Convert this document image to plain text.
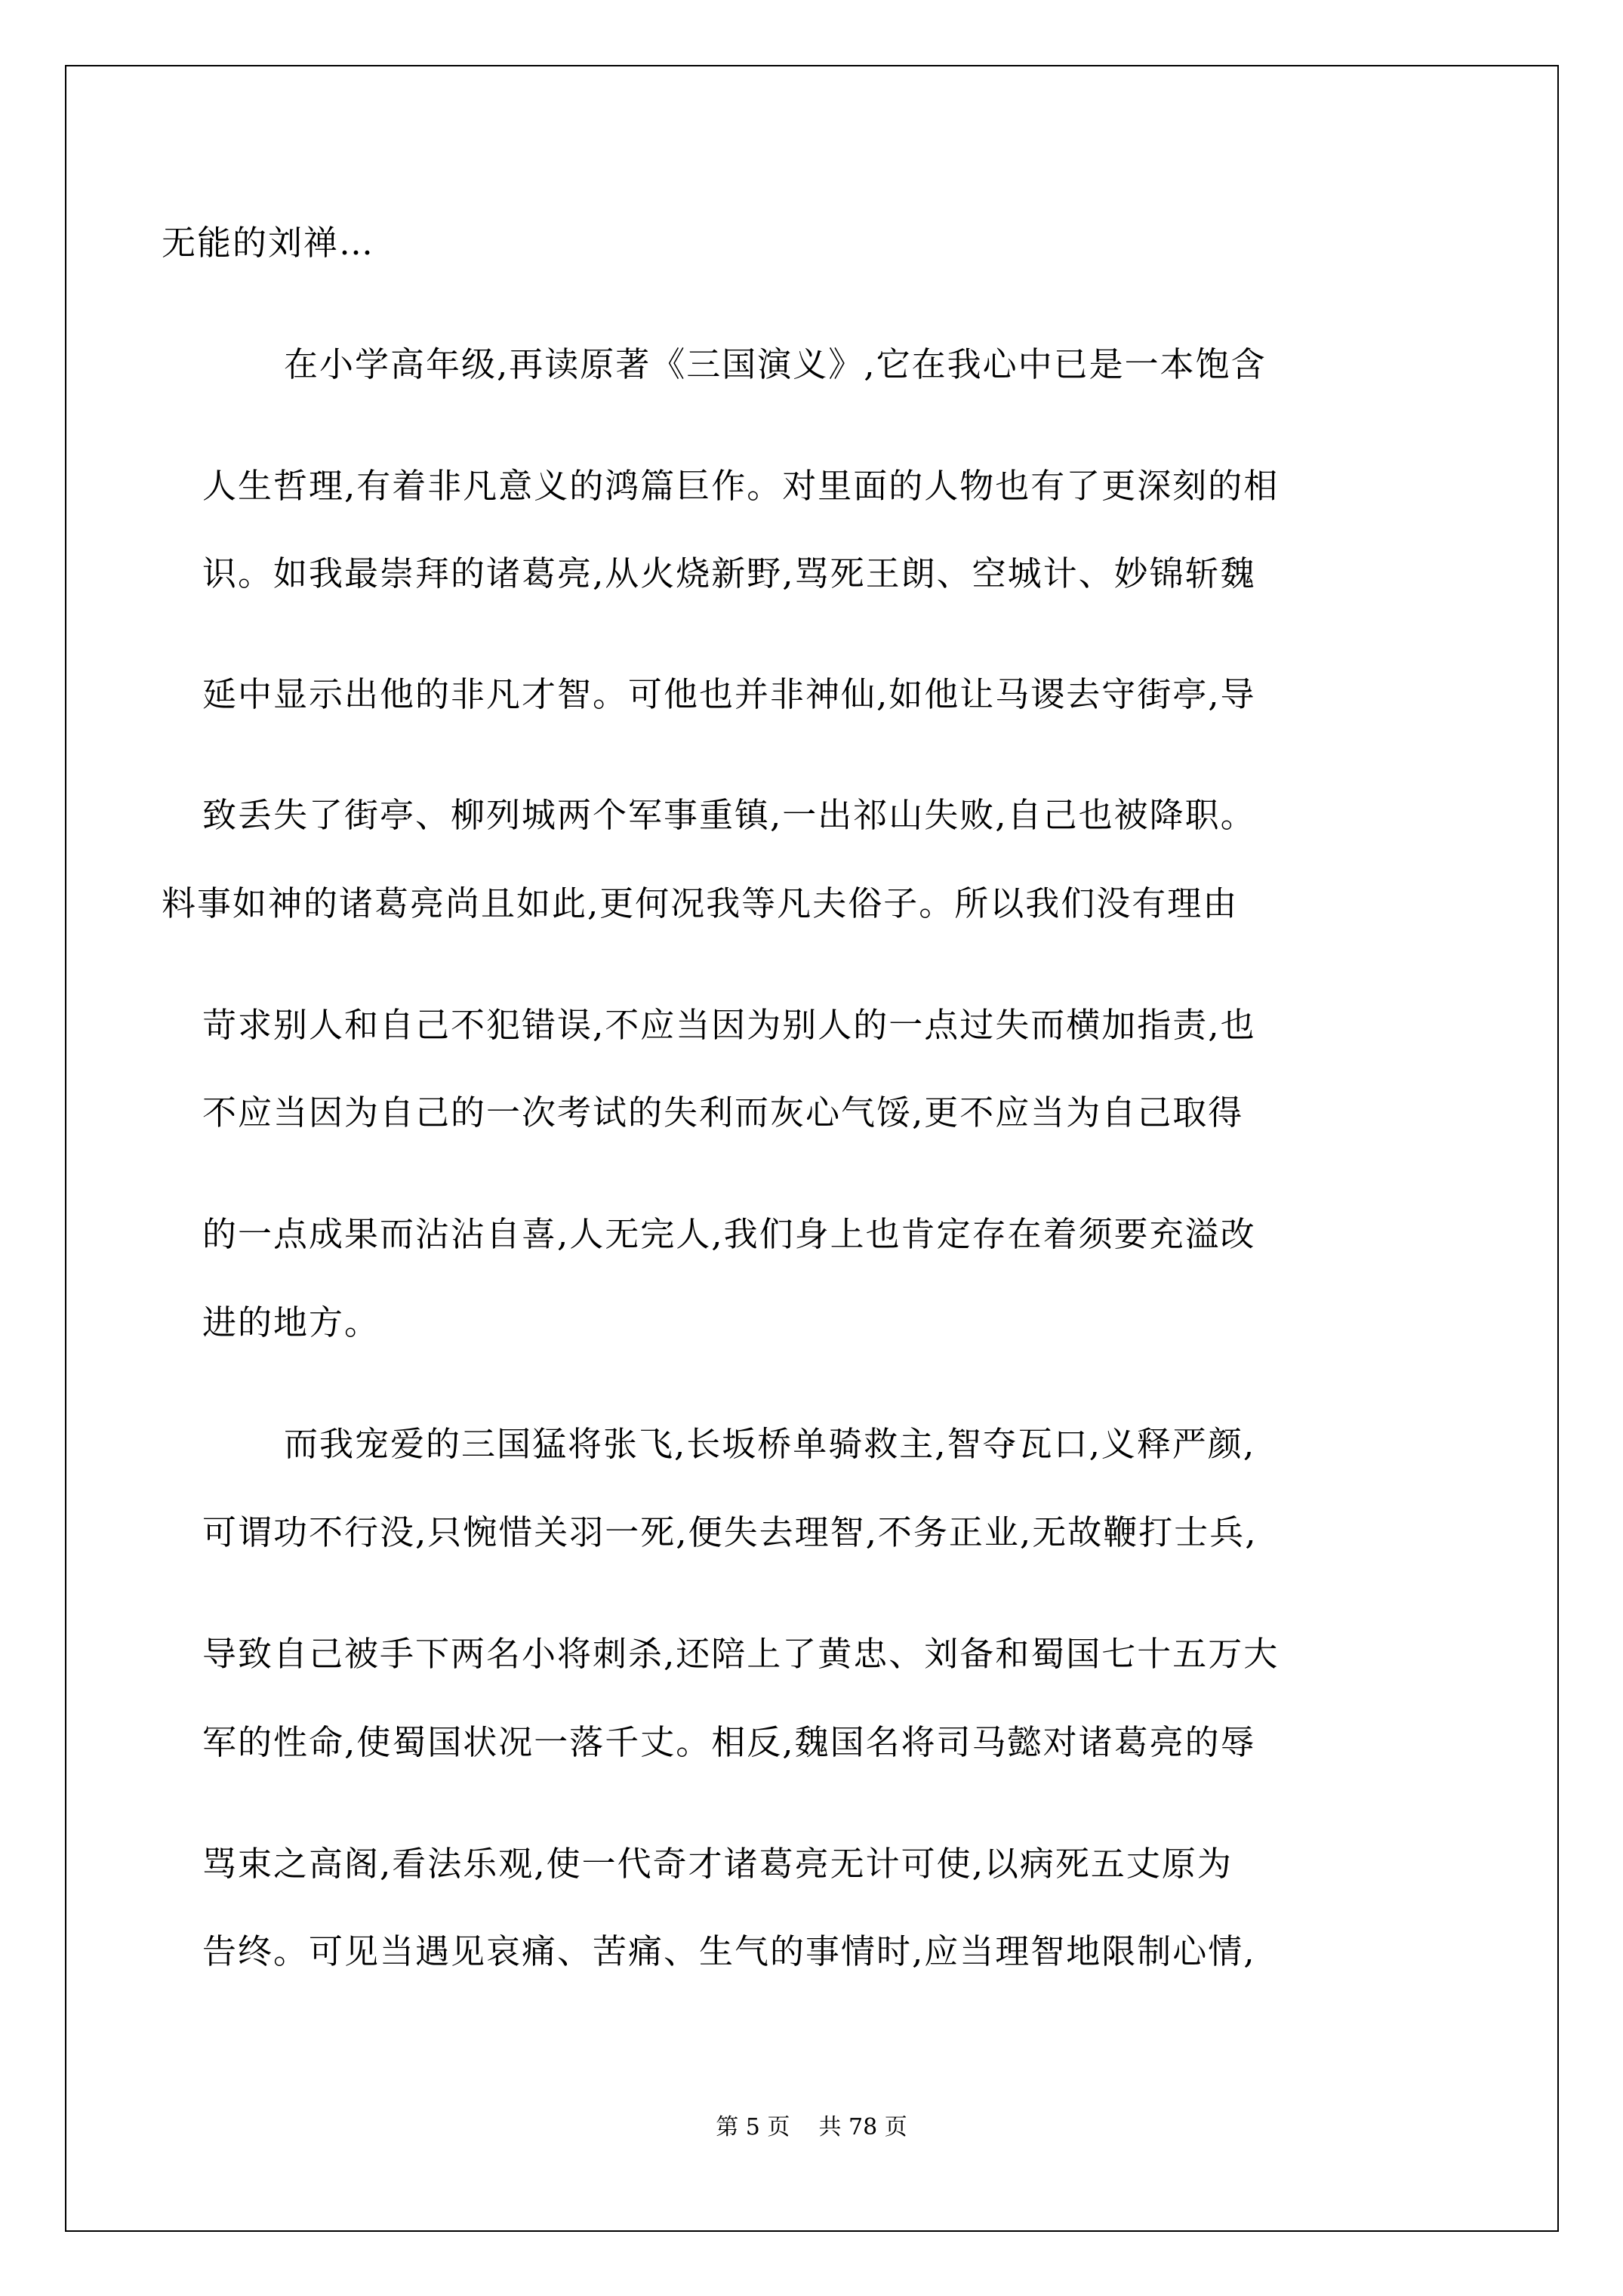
无能的刘禅…
在小学高年级,再读原著《三国演义》,它在我心中已是一本饱含
人生哲理,有着非凡意义的鸿篇巨作。对里面的人物也有了更深刻的相
识。如我最崇拜的诸葛亮,从火烧新野,骂死王朗、空城计、妙锦斩魏
延中显示出他的非凡才智。可他也并非神仙,如他让马谡去守街亭,导
致丢失了街亭、柳列城两个军事重镇,一出祁山失败,自己也被降职。
料事如神的诸葛亮尚且如此,更何况我等凡夫俗子。所以我们没有理由
苛求别人和自己不犯错误,不应当因为别人的一点过失而横加指责,也
不应当因为自己的一次考试的失利而灰心气馁,更不应当为自己取得
的一点成果而沾沾自喜,人无完人,我们身上也肯定存在着须要充溢改
进的地方。
而我宠爱的三国猛将张飞,长坂桥单骑救主,智夺瓦口,义释严颜,
可谓功不行没,只惋惜关羽一死,便失去理智,不务正业,无故鞭打士兵,
导致自己被手下两名小将刺杀,还陪上了黄忠、刘备和蜀国七十五万大
军的性命,使蜀国状况一落千丈。相反,魏国名将司马懿对诸葛亮的辱
骂束之高阁,看法乐观,使一代奇才诸葛亮无计可使,以病死五丈原为
告终。可见当遇见哀痛、苦痛、生气的事情时,应当理智地限制心情,
第 5 页    共 78 页
